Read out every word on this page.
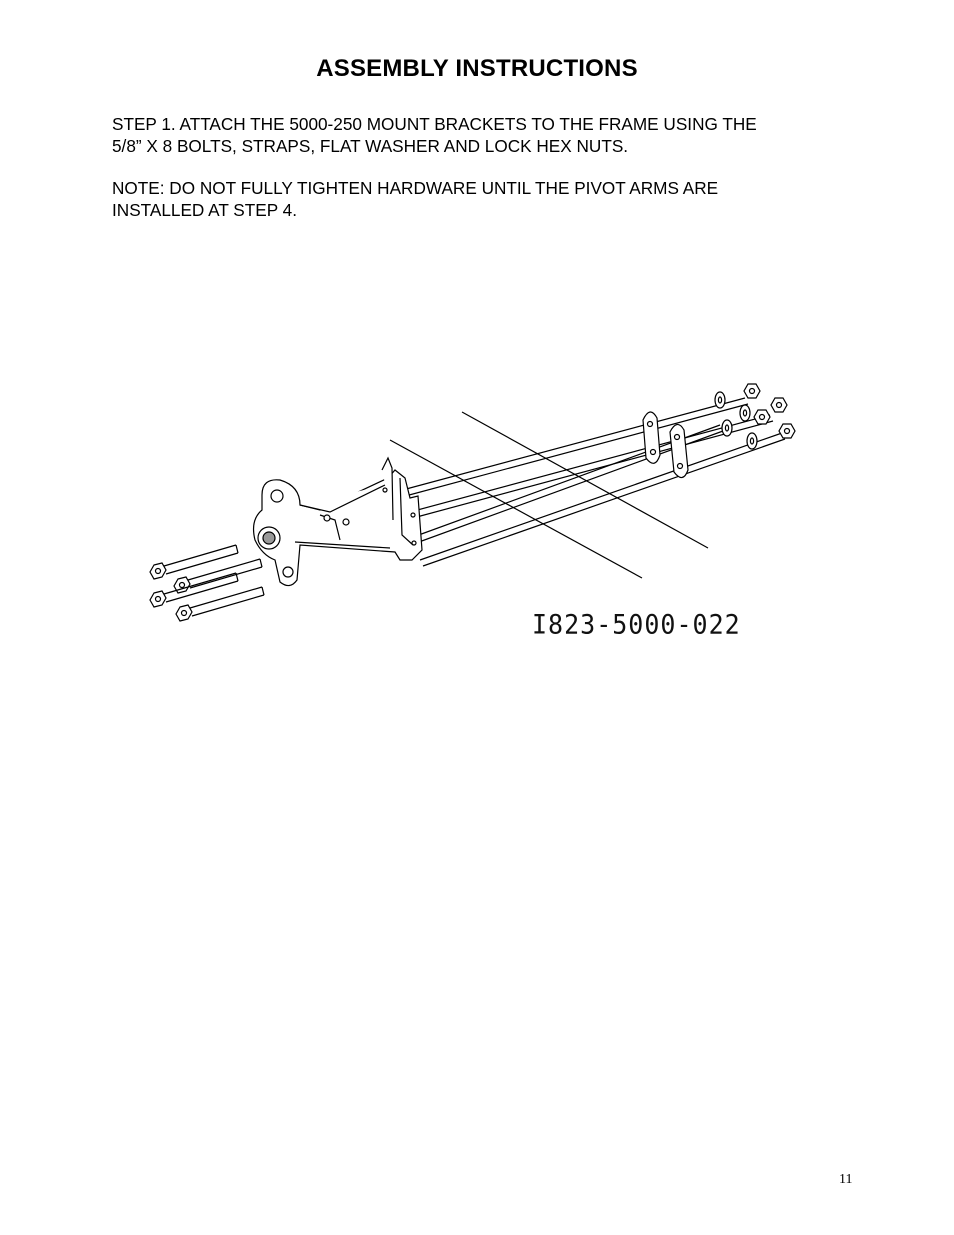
ASSEMBLY INSTRUCTIONS
STEP 1. ATTACH THE 5000-250 MOUNT BRACKETS TO THE FRAME USING THE
5/8” X 8 BOLTS, STRAPS, FLAT WASHER AND LOCK HEX NUTS.
NOTE: DO NOT FULLY TIGHTEN HARDWARE UNTIL THE PIVOT ARMS ARE
INSTALLED AT STEP 4.
I823-5000-022
11
